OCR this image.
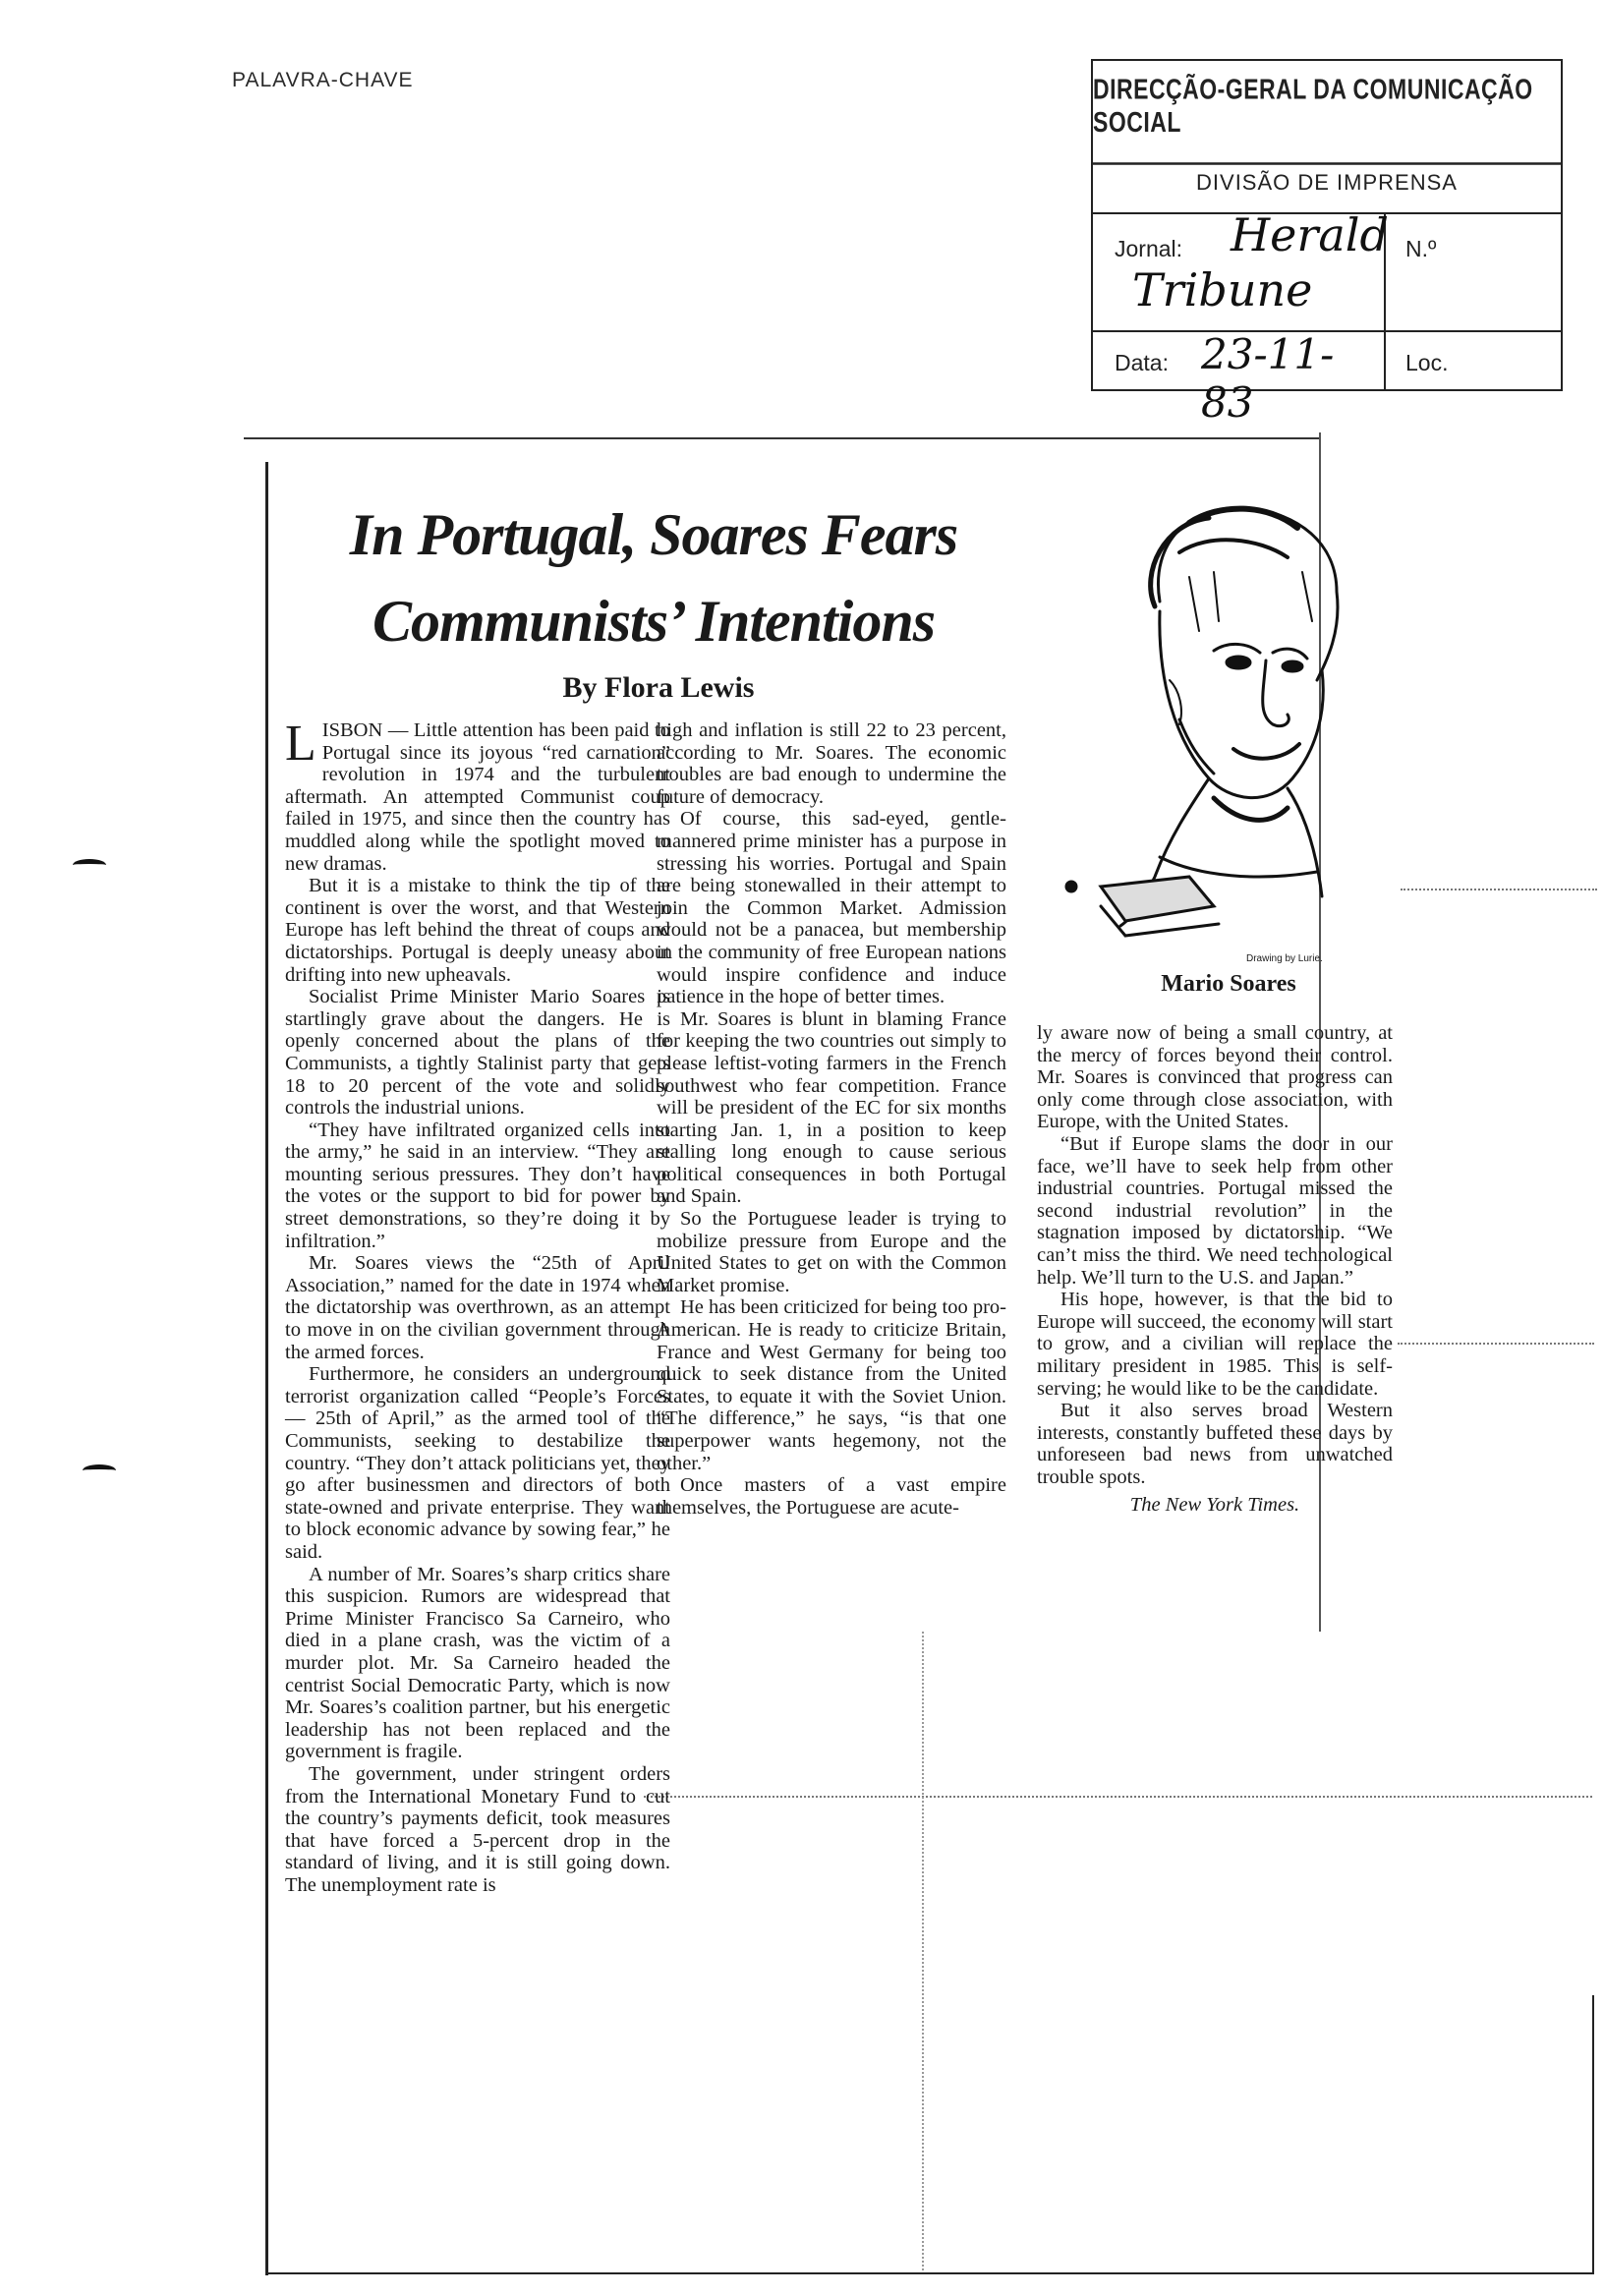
PALAVRA-CHAVE	DIRECÇÃO-GERAL DA COMUNICAÇÃO SOCIAL
DIVISÃO DE IMPRENSA
Jornal: Herald
Tribune
N.º
Data: 23-11-83
Loc.
In Portugal, Soares Fears
Communists’ Intentions
By Flora Lewis

LISBON — Little attention has been paid to Portugal since its joyous “red carnation” revolution in 1974 and the turbulent aftermath. An attempted Communist coup failed in 1975, and since then the country has muddled along while the spotlight moved to new dramas.

But it is a mistake to think the tip of the continent is over the worst, and that Western Europe has left behind the threat of coups and dictatorships. Portugal is deeply uneasy about drifting into new upheavals.

Socialist Prime Minister Mario Soares is startlingly grave about the dangers. He is openly concerned about the plans of the Communists, a tightly Stalinist party that gets 18 to 20 percent of the vote and solidly controls the industrial unions.

“They have infiltrated organized cells into the army,” he said in an interview. “They are mounting serious pressures. They don’t have the votes or the support to bid for power by street demonstrations, so they’re doing it by infiltration.”

Mr. Soares views the “25th of April Association,” named for the date in 1974 when the dictatorship was overthrown, as an attempt to move in on the civilian government through the armed forces.

Furthermore, he considers an underground terrorist organization called “People’s Forces — 25th of April,” as the armed tool of the Communists, seeking to destabilize the country. “They don’t attack politicians yet, they go after businessmen and directors of both state-owned and private enterprise. They want to block economic advance by sowing fear,” he said.

A number of Mr. Soares’s sharp critics share this suspicion. Rumors are widespread that Prime Minister Francisco Sa Carneiro, who died in a plane crash, was the victim of a murder plot. Mr. Sa Carneiro headed the centrist Social Democratic Party, which is now Mr. Soares’s coalition partner, but his energetic leadership has not been replaced and the government is fragile.

The government, under stringent orders from the International Monetary Fund to cut the country’s payments deficit, took measures that have forced a 5-percent drop in the standard of living, and it is still going down. The unemployment rate is

high and inflation is still 22 to 23 percent, according to Mr. Soares. The economic troubles are bad enough to undermine the future of democracy.

Of course, this sad-eyed, gentle-mannered prime minister has a purpose in stressing his worries. Portugal and Spain are being stonewalled in their attempt to join the Common Market. Admission would not be a panacea, but membership in the community of free European nations would inspire confidence and induce patience in the hope of better times.

Mr. Soares is blunt in blaming France for keeping the two countries out simply to please leftist-voting farmers in the French southwest who fear competition. France will be president of the EC for six months starting Jan. 1, in a position to keep stalling long enough to cause serious political consequences in both Portugal and Spain.

So the Portuguese leader is trying to mobilize pressure from Europe and the United States to get on with the Common Market promise.

He has been criticized for being too pro-American. He is ready to criticize Britain, France and West Germany for being too quick to seek distance from the United States, to equate it with the Soviet Union. “The difference,” he says, “is that one superpower wants hegemony, not the other.”

Once masters of a vast empire themselves, the Portuguese are acute-

Drawing by Lurie.
Mario Soares

ly aware now of being a small country, at the mercy of forces beyond their control. Mr. Soares is convinced that progress can only come through close association, with Europe, with the United States.

“But if Europe slams the door in our face, we’ll have to seek help from other industrial countries. Portugal missed the second industrial revolution” in the stagnation imposed by dictatorship. “We can’t miss the third. We need technological help. We’ll turn to the U.S. and Japan.”

His hope, however, is that the bid to Europe will succeed, the economy will start to grow, and a civilian will replace the military president in 1985. This is self-serving; he would like to be the candidate.

But it also serves broad Western interests, constantly buffeted these days by unforeseen bad news from unwatched trouble spots.

The New York Times.
